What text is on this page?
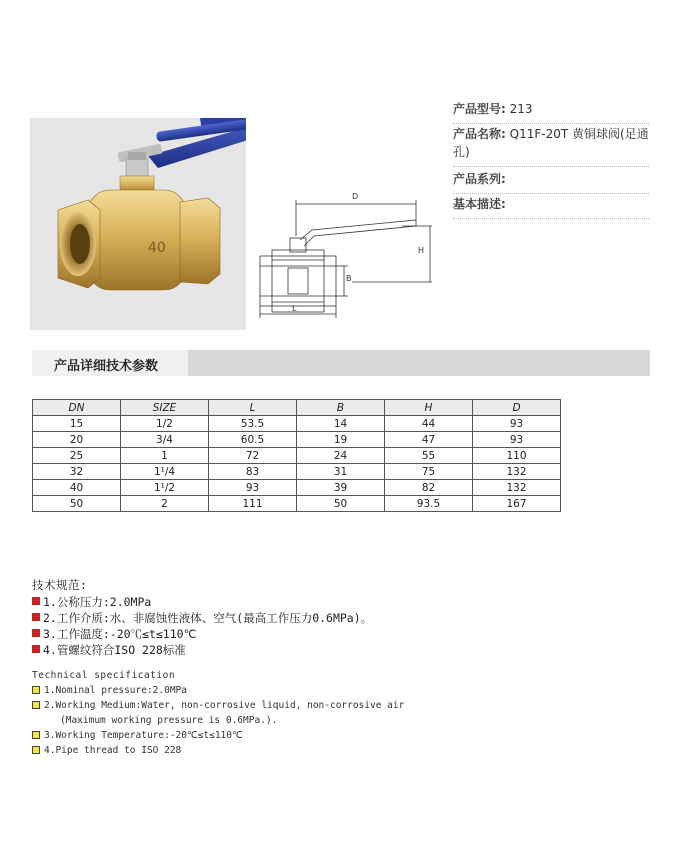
40
D
H
B
L
产品型号: 213
产品名称: Q11F-20T 黄铜球阀(足通孔)
产品系列:
基本描述:
产品详细技术参数
DN	SIZE	L	B	H	D
15	1/2	53.5	14	44	93
20	3/4	60.5	19	47	93
25	1	72	24	55	110
32	1¹/4	83	31	75	132
40	1¹/2	93	39	82	132
50	2	111	50	93.5	167
技术规范:
1.公称压力:2.0MPa
2.工作介质:水、非腐蚀性液体、空气(最高工作压力0.6MPa)。
3.工作温度:-20℃≤t≤110℃
4.管螺纹符合ISO 228标准
Technical specification
1.Nominal pressure:2.0MPa
2.Working Medium:Water, non-corrosive liquid, non-corrosive air
(Maximum working pressure is 0.6MPa.).
3.Working Temperature:-20℃≤t≤110℃
4.Pipe thread to ISO 228
